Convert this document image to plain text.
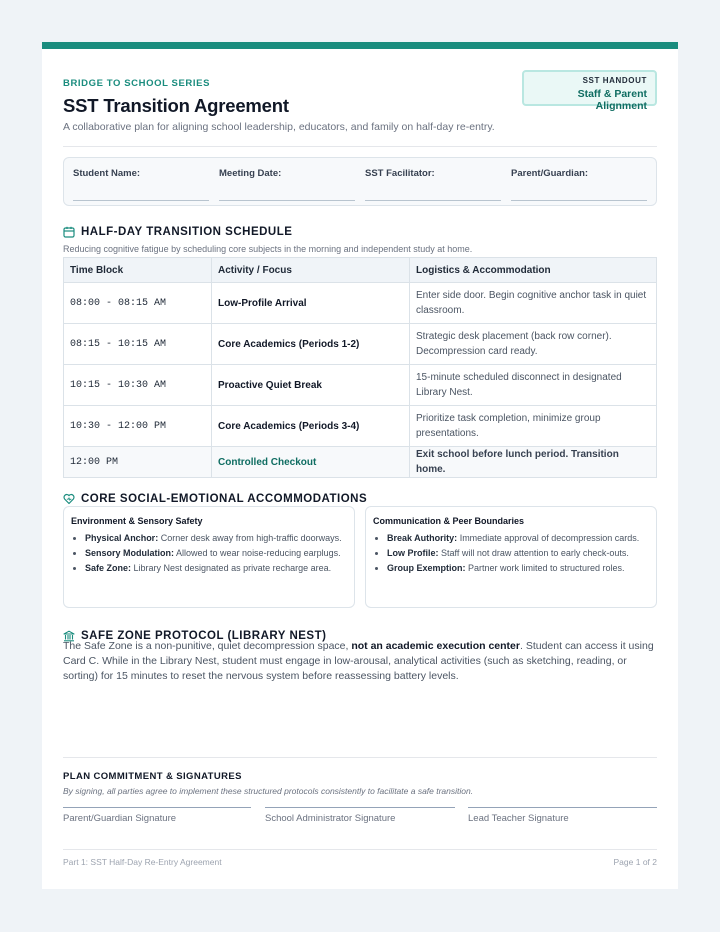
BRIDGE TO SCHOOL SERIES
SST Transition Agreement
A collaborative plan for aligning school leadership, educators, and family on half-day re-entry.
SST HANDOUT
Staff & Parent Alignment
Student Name:	Meeting Date:	SST Facilitator:	Parent/Guardian:
HALF-DAY TRANSITION SCHEDULE
Reducing cognitive fatigue by scheduling core subjects in the morning and independent study at home.
Time Block	Activity / Focus	Logistics & Accommodation
08:00 - 08:15 AM	Low-Profile Arrival	Enter side door. Begin cognitive anchor task in quiet classroom.
08:15 - 10:15 AM	Core Academics (Periods 1-2)	Strategic desk placement (back row corner). Decompression card ready.
10:15 - 10:30 AM	Proactive Quiet Break	15-minute scheduled disconnect in designated Library Nest.
10:30 - 12:00 PM	Core Academics (Periods 3-4)	Prioritize task completion, minimize group presentations.
12:00 PM	Controlled Checkout	Exit school before lunch period. Transition home.
CORE SOCIAL-EMOTIONAL ACCOMMODATIONS
Environment & Sensory Safety
• Physical Anchor: Corner desk away from high-traffic doorways.
• Sensory Modulation: Allowed to wear noise-reducing earplugs.
• Safe Zone: Library Nest designated as private recharge area.
Communication & Peer Boundaries
• Break Authority: Immediate approval of decompression cards.
• Low Profile: Staff will not draw attention to early check-outs.
• Group Exemption: Partner work limited to structured roles.
SAFE ZONE PROTOCOL (LIBRARY NEST)
The Safe Zone is a non-punitive, quiet decompression space, not an academic execution center. Student can access it using Card C. While in the Library Nest, student must engage in low-arousal, analytical activities (such as sketching, reading, or sorting) for 15 minutes to reset the nervous system before reassessing battery levels.
PLAN COMMITMENT & SIGNATURES
By signing, all parties agree to implement these structured protocols consistently to facilitate a safe transition.
Parent/Guardian Signature	School Administrator Signature	Lead Teacher Signature
Part 1: SST Half-Day Re-Entry Agreement	Page 1 of 2
